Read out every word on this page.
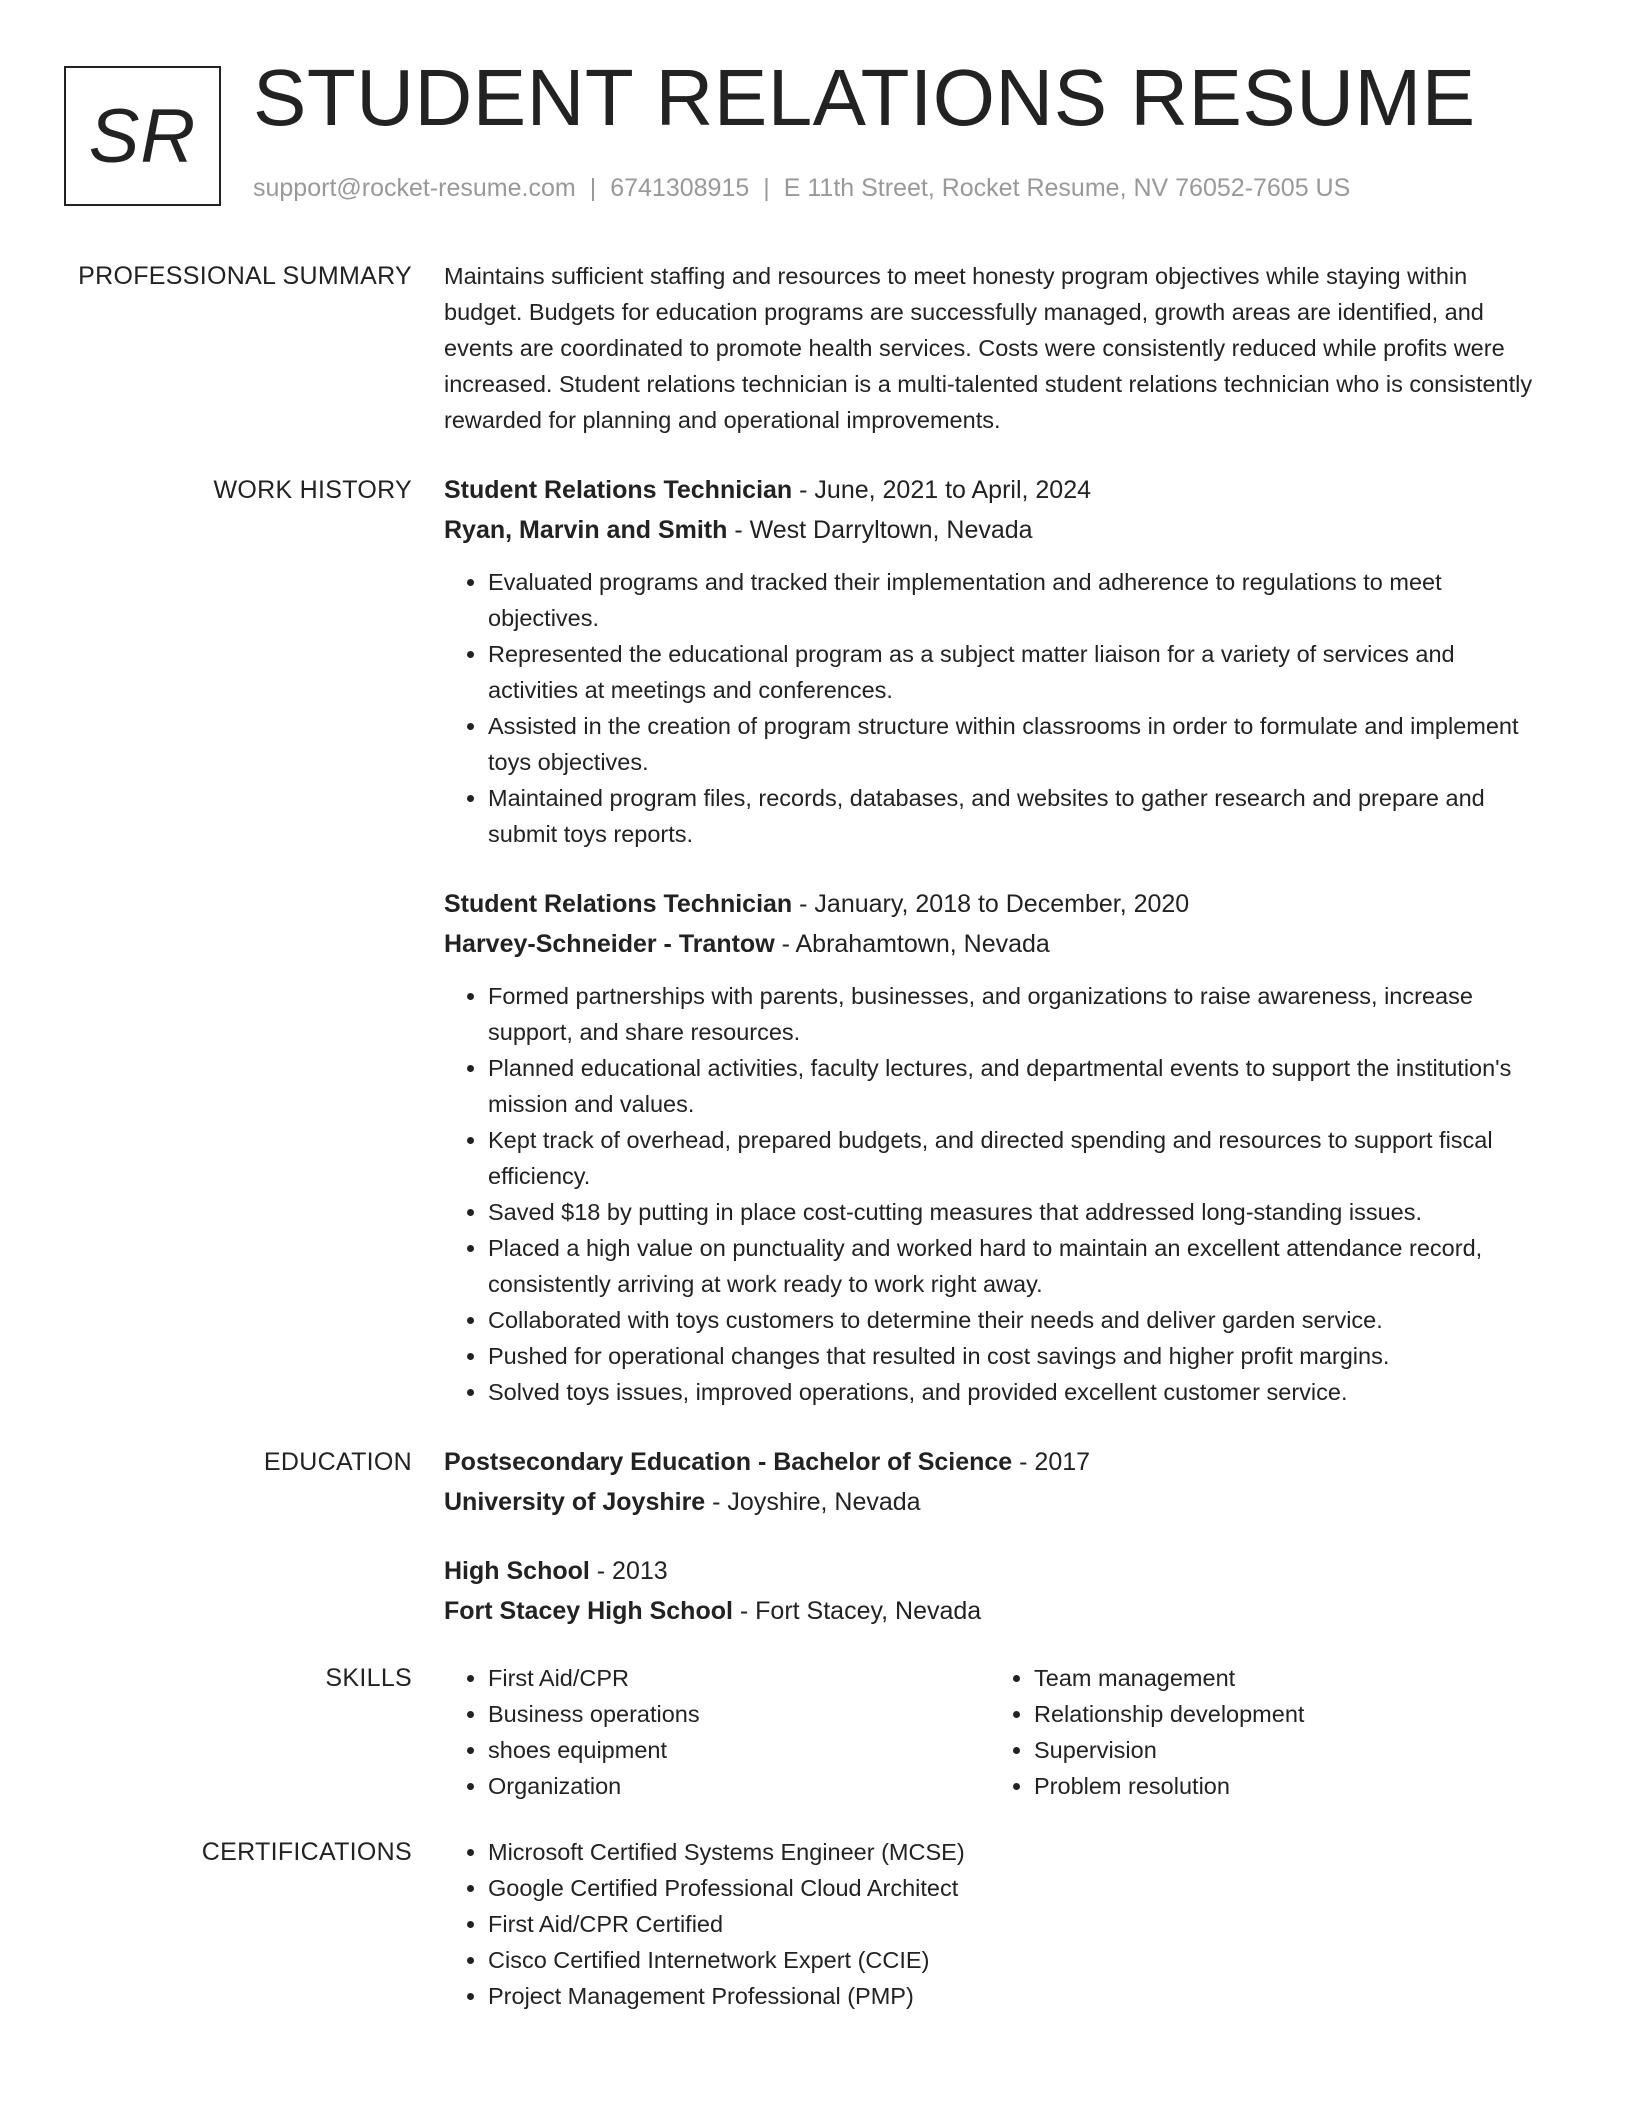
SR STUDENT RELATIONS RESUME
support@rocket-resume.com | 6741308915 | E 11th Street, Rocket Resume, NV 76052-7605 US
PROFESSIONAL SUMMARY Maintains sufficient staffing and resources to meet honesty program objectives while staying within budget. Budgets for education programs are successfully managed, growth areas are identified, and events are coordinated to promote health services. Costs were consistently reduced while profits were increased. Student relations technician is a multi-talented student relations technician who is consistently rewarded for planning and operational improvements.

WORK HISTORY Student Relations Technician - June, 2021 to April, 2024
Ryan, Marvin and Smith - West Darryltown, Nevada
• Evaluated programs and tracked their implementation and adherence to regulations to meet objectives.
• Represented the educational program as a subject matter liaison for a variety of services and activities at meetings and conferences.
• Assisted in the creation of program structure within classrooms in order to formulate and implement toys objectives.
• Maintained program files, records, databases, and websites to gather research and prepare and submit toys reports.
Student Relations Technician - January, 2018 to December, 2020
Harvey-Schneider - Trantow - Abrahamtown, Nevada
• Formed partnerships with parents, businesses, and organizations to raise awareness, increase support, and share resources.
• Planned educational activities, faculty lectures, and departmental events to support the institution's mission and values.
• Kept track of overhead, prepared budgets, and directed spending and resources to support fiscal efficiency.
• Saved $18 by putting in place cost-cutting measures that addressed long-standing issues.
• Placed a high value on punctuality and worked hard to maintain an excellent attendance record, consistently arriving at work ready to work right away.
• Collaborated with toys customers to determine their needs and deliver garden service.
• Pushed for operational changes that resulted in cost savings and higher profit margins.
• Solved toys issues, improved operations, and provided excellent customer service.
EDUCATION Postsecondary Education - Bachelor of Science - 2017
University of Joyshire - Joyshire, Nevada
High School - 2013
Fort Stacey High School - Fort Stacey, Nevada
SKILLS	• First Aid/CPR
• Business operations
• shoes equipment
• Organization
• Team management
• Relationship development
• Supervision
• Problem resolution
CERTIFICATIONS	• Microsoft Certified Systems Engineer (MCSE)
• Google Certified Professional Cloud Architect
• First Aid/CPR Certified
• Cisco Certified Internetwork Expert (CCIE)
• Project Management Professional (PMP)
